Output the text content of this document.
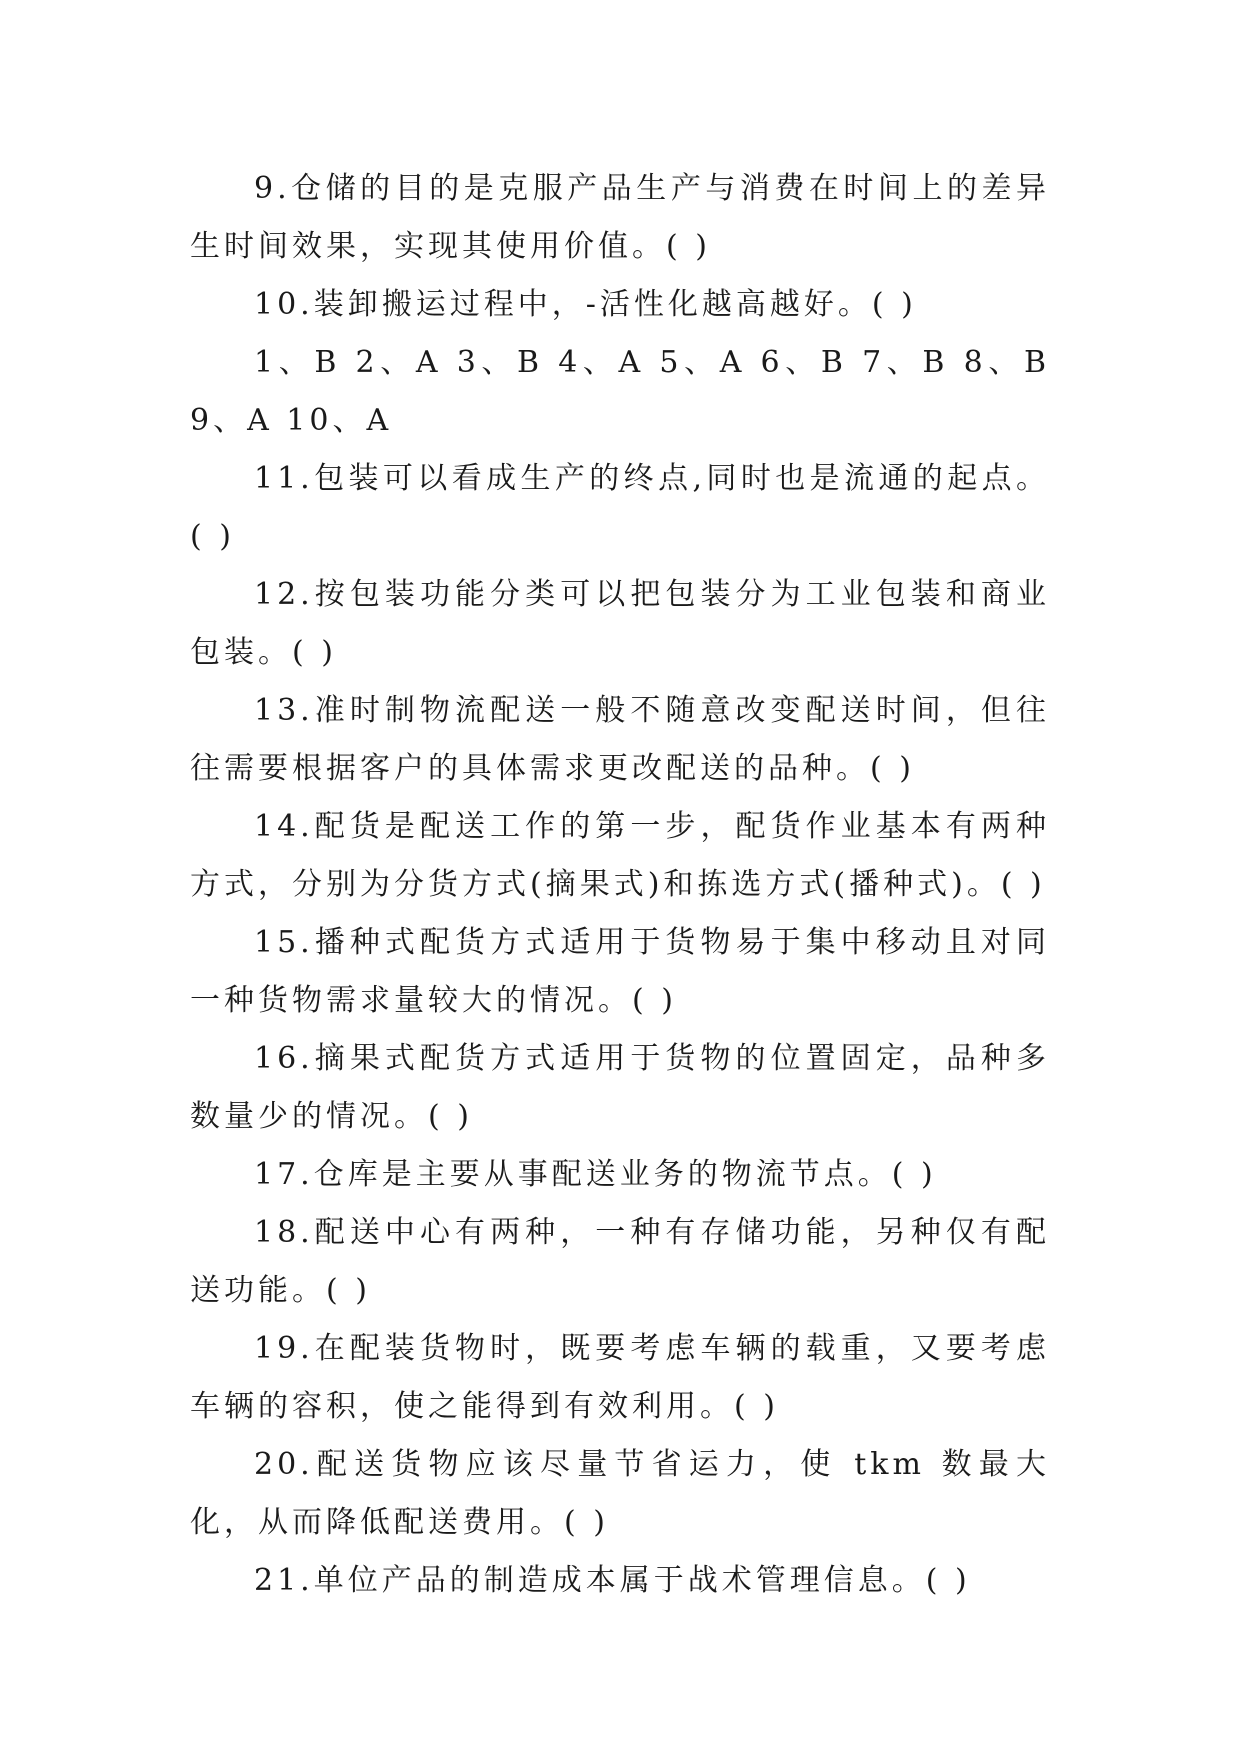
9.仓储的目的是克服产品生产与消费在时间上的差异生时间效果，实现其使用价值。( )

10.装卸搬运过程中，-活性化越高越好。( )

1、B 2、A 3、B 4、A 5、A 6、B 7、B 8、B 9、A 10、A

11.包装可以看成生产的终点,同时也是流通的起点。( )

12.按包装功能分类可以把包装分为工业包装和商业包装。( )

13.准时制物流配送一般不随意改变配送时间，但往往需要根据客户的具体需求更改配送的品种。( )

14.配货是配送工作的第一步，配货作业基本有两种方式，分别为分货方式(摘果式)和拣选方式(播种式)。( )

15.播种式配货方式适用于货物易于集中移动且对同一种货物需求量较大的情况。( )

16.摘果式配货方式适用于货物的位置固定，品种多数量少的情况。( )

17.仓库是主要从事配送业务的物流节点。( )

18.配送中心有两种，一种有存储功能，另种仅有配送功能。( )

19.在配装货物时，既要考虑车辆的载重，又要考虑车辆的容积，使之能得到有效利用。( )

20.配送货物应该尽量节省运力，使 tkm 数最大化，从而降低配送费用。( )

21.单位产品的制造成本属于战术管理信息。( )
